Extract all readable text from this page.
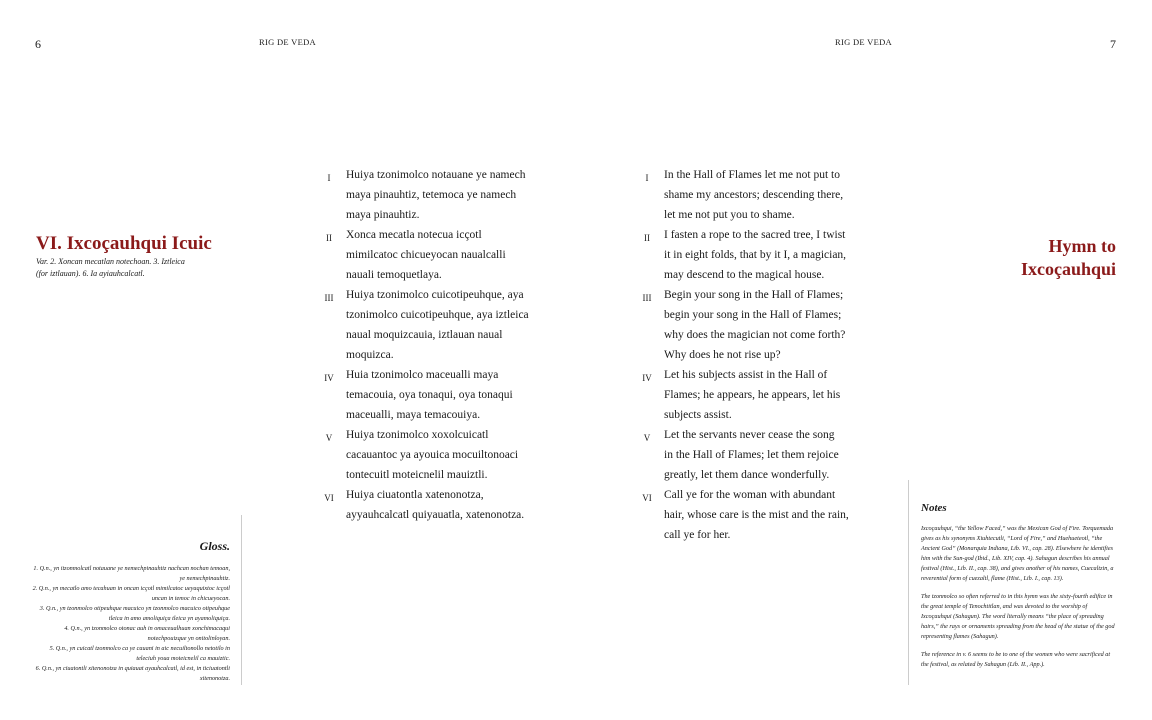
6	RIG DE VEDA	RIG DE VEDA	7
VI. Ixcoçauhqui Icuic
Var. 2. Xoncan mecatlan notechoan. 3. Iztleica (for iztlauan). 6. Ia ayiauhcalcatl.
I	Huiya tzonimolco notauane ye namech
maya pinauhtiz, tetemoca ye namech
maya pinauhtiz.
II	Xonca mecatla notecua icçotl
mimilcatoc chicueyocan naualcalli
nauali temoquetlaya.
III Huiya tzonimolco cuicotipeuhque, aya
tzonimolco cuicotipeuhque, aya iztleica
naual moquizcauia, iztlauan naual
moquizca.
IV Huia tzonimolco maceualli maya
temacouia, oya tonaqui, oya tonaqui
maceualli, maya temacouiya.
V	Huiya tzonimolco xoxolcuicatl
cacauantoc ya ayouica mocuiltonoaci
tontecuitl moteicnelil mauiztli.
VI Huiya ciuatontla xatenonotza,
ayyauhcalcatl quiyauatla, xatenonotza.
I	In the Hall of Flames let me not put to
shame my ancestors; descending there,
let me not put you to shame.
II	I fasten a rope to the sacred tree, I twist
it in eight folds, that by it I, a magician,
may descend to the magical house.
III Begin your song in the Hall of Flames;
begin your song in the Hall of Flames;
why does the magician not come forth?
Why does he not rise up?
IV Let his subjects assist in the Hall of
Flames; he appears, he appears, let his
subjects assist.
V	Let the servants never cease the song
in the Hall of Flames; let them rejoice
greatly, let them dance wonderfully.
VI Call ye for the woman with abundant
hair, whose care is the mist and the rain,
call ye for her.
Hymn to
Ixcoçauhqui
Gloss.
1. Q.n., yn itzonmolcatl notauane ye nemechpinauhtiz nachcan nochan temoan, ye nemechpinauhtiz.
2. Q.n., yn mecatlo amo tecahuan in oncan icçotl mimilcatoc ueyaquixtoc icçotl uncan in temoc in chicueyocan.
3. Q.n., yn tzonmolco otipeuhque macuico yn tzonmolco macuico otipeuhque tleica in amo amoliquiça tleica yn ayamoliquiça.
4. Q.n., yn tzonmolco otonac auh in omaceualhuan xonchimacaqui notechpouizque yn onitolinloyan.
5. Q.n., yn cuicatl tzonmolco ca ye cauani in aic necuiltonollo netotilo in teleciuh youa moteicnelil ca mauiztic.
6. Q.n., yn ciuatontli xitenonotza in quiauat ayauhcalcatl, id est, in ticiuatontli xitenonotza.
Notes

Ixcoçauhqui, “the Yellow Faced,” was the Mexican God of Fire. Torquemada gives as his synonyms Xiuhtecutli, “Lord of Fire,” and Huehueteotl, “the Ancient God” (Monarquia Indiana, Lib. VI., cap. 28). Elsewhere he identifies him with the Sun-god (Ibid., Lib. XIV, cap. 4). Sahagun describes his annual festival (Hist., Lib. II., cap. 38), and gives another of his names, Cuecaltzin, a reverential form of cuezaltl, flame (Hist., Lib. I., cap. 13).

The tzonmolco so often referred to in this hymn was the sixty-fourth edifice in the great temple of Tenochtitlan, and was devoted to the worship of Ixcoçauhqui (Sahagun). The word literally means “the place of spreading hairs,” the rays or ornaments spreading from the head of the statue of the god representing flames (Sahagun).

The reference in v. 6 seems to be to one of the women who were sacrificed at the festival, as related by Sahagun (Lib. II., App.).
